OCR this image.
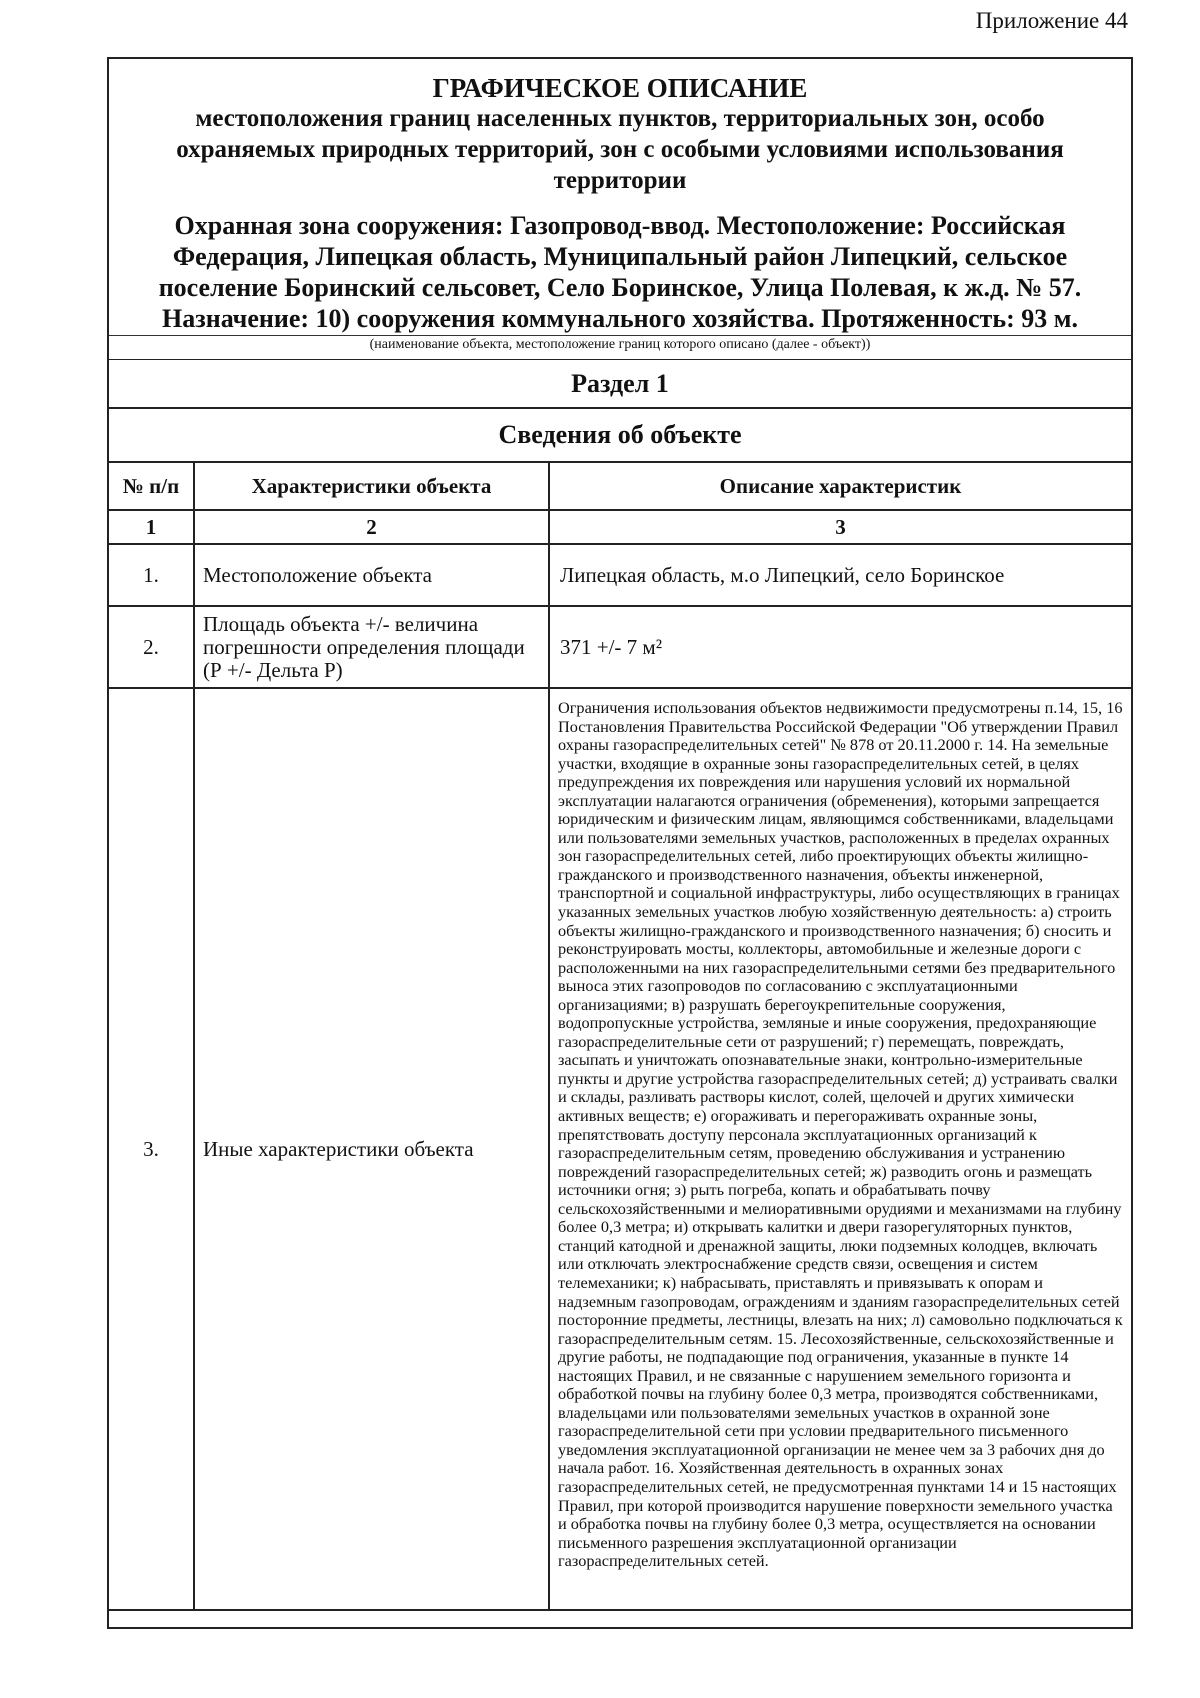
Приложение 44
ГРАФИЧЕСКОЕ ОПИСАНИЕ
местоположения границ населенных пунктов, территориальных зон, особо охраняемых природных территорий, зон с особыми условиями использования территории
Охранная зона сооружения: Газопровод-ввод. Местоположение: Российская Федерация, Липецкая область, Муниципальный район Липецкий, сельское поселение Боринский сельсовет, Село Боринское, Улица Полевая, к ж.д. № 57. Назначение: 10) сооружения коммунального хозяйства. Протяженность: 93 м.
(наименование объекта, местоположение границ которого описано (далее - объект))
Раздел 1
Сведения об объекте
№ п/п	Характеристики объекта	Описание характеристик
1	2	3
1.	Местоположение объекта	Липецкая область, м.о Липецкий, село Боринское
2.	Площадь объекта +/- величина погрешности определения площади (Р +/- Дельта Р)	371 +/- 7 м²
3.	Иные характеристики объекта	Ограничения использования объектов недвижимости предусмотрены п.14, 15, 16 Постановления Правительства Российской Федерации "Об утверждении Правил охраны газораспределительных сетей" № 878 от 20.11.2000 г. 14. На земельные участки, входящие в охранные зоны газораспределительных сетей, в целях предупреждения их повреждения или нарушения условий их нормальной эксплуатации налагаются ограничения (обременения), которыми запрещается юридическим и физическим лицам, являющимся собственниками, владельцами или пользователями земельных участков, расположенных в пределах охранных зон газораспределительных сетей, либо проектирующих объекты жилищно-гражданского и производственного назначения, объекты инженерной, транспортной и социальной инфраструктуры, либо осуществляющих в границах указанных земельных участков любую хозяйственную деятельность: а) строить объекты жилищно-гражданского и производственного назначения; б) сносить и реконструировать мосты, коллекторы, автомобильные и железные дороги с расположенными на них газораспределительными сетями без предварительного выноса этих газопроводов по согласованию с эксплуатационными организациями; в) разрушать берегоукрепительные сооружения, водопропускные устройства, земляные и иные сооружения, предохраняющие газораспределительные сети от разрушений; г) перемещать, повреждать, засыпать и уничтожать опознавательные знаки, контрольно-измерительные пункты и другие устройства газораспределительных сетей; д) устраивать свалки и склады, разливать растворы кислот, солей, щелочей и других химически активных веществ; е) огораживать и перегораживать охранные зоны, препятствовать доступу персонала эксплуатационных организаций к газораспределительным сетям, проведению обслуживания и устранению повреждений газораспределительных сетей; ж) разводить огонь и размещать источники огня; з) рыть погреба, копать и обрабатывать почву сельскохозяйственными и мелиоративными орудиями и механизмами на глубину более 0,3 метра; и) открывать калитки и двери газорегуляторных пунктов, станций катодной и дренажной защиты, люки подземных колодцев, включать или отключать электроснабжение средств связи, освещения и систем телемеханики; к) набрасывать, приставлять и привязывать к опорам и надземным газопроводам, ограждениям и зданиям газораспределительных сетей посторонние предметы, лестницы, влезать на них; л) самовольно подключаться к газораспределительным сетям. 15. Лесохозяйственные, сельскохозяйственные и другие работы, не подпадающие под ограничения, указанные в пункте 14 настоящих Правил, и не связанные с нарушением земельного горизонта и обработкой почвы на глубину более 0,3 метра, производятся собственниками, владельцами или пользователями земельных участков в охранной зоне газораспределительной сети при условии предварительного письменного уведомления эксплуатационной организации не менее чем за 3 рабочих дня до начала работ. 16. Хозяйственная деятельность в охранных зонах газораспределительных сетей, не предусмотренная пунктами 14 и 15 настоящих Правил, при которой производится нарушение поверхности земельного участка и обработка почвы на глубину более 0,3 метра, осуществляется на основании письменного разрешения эксплуатационной организации газораспределительных сетей.
